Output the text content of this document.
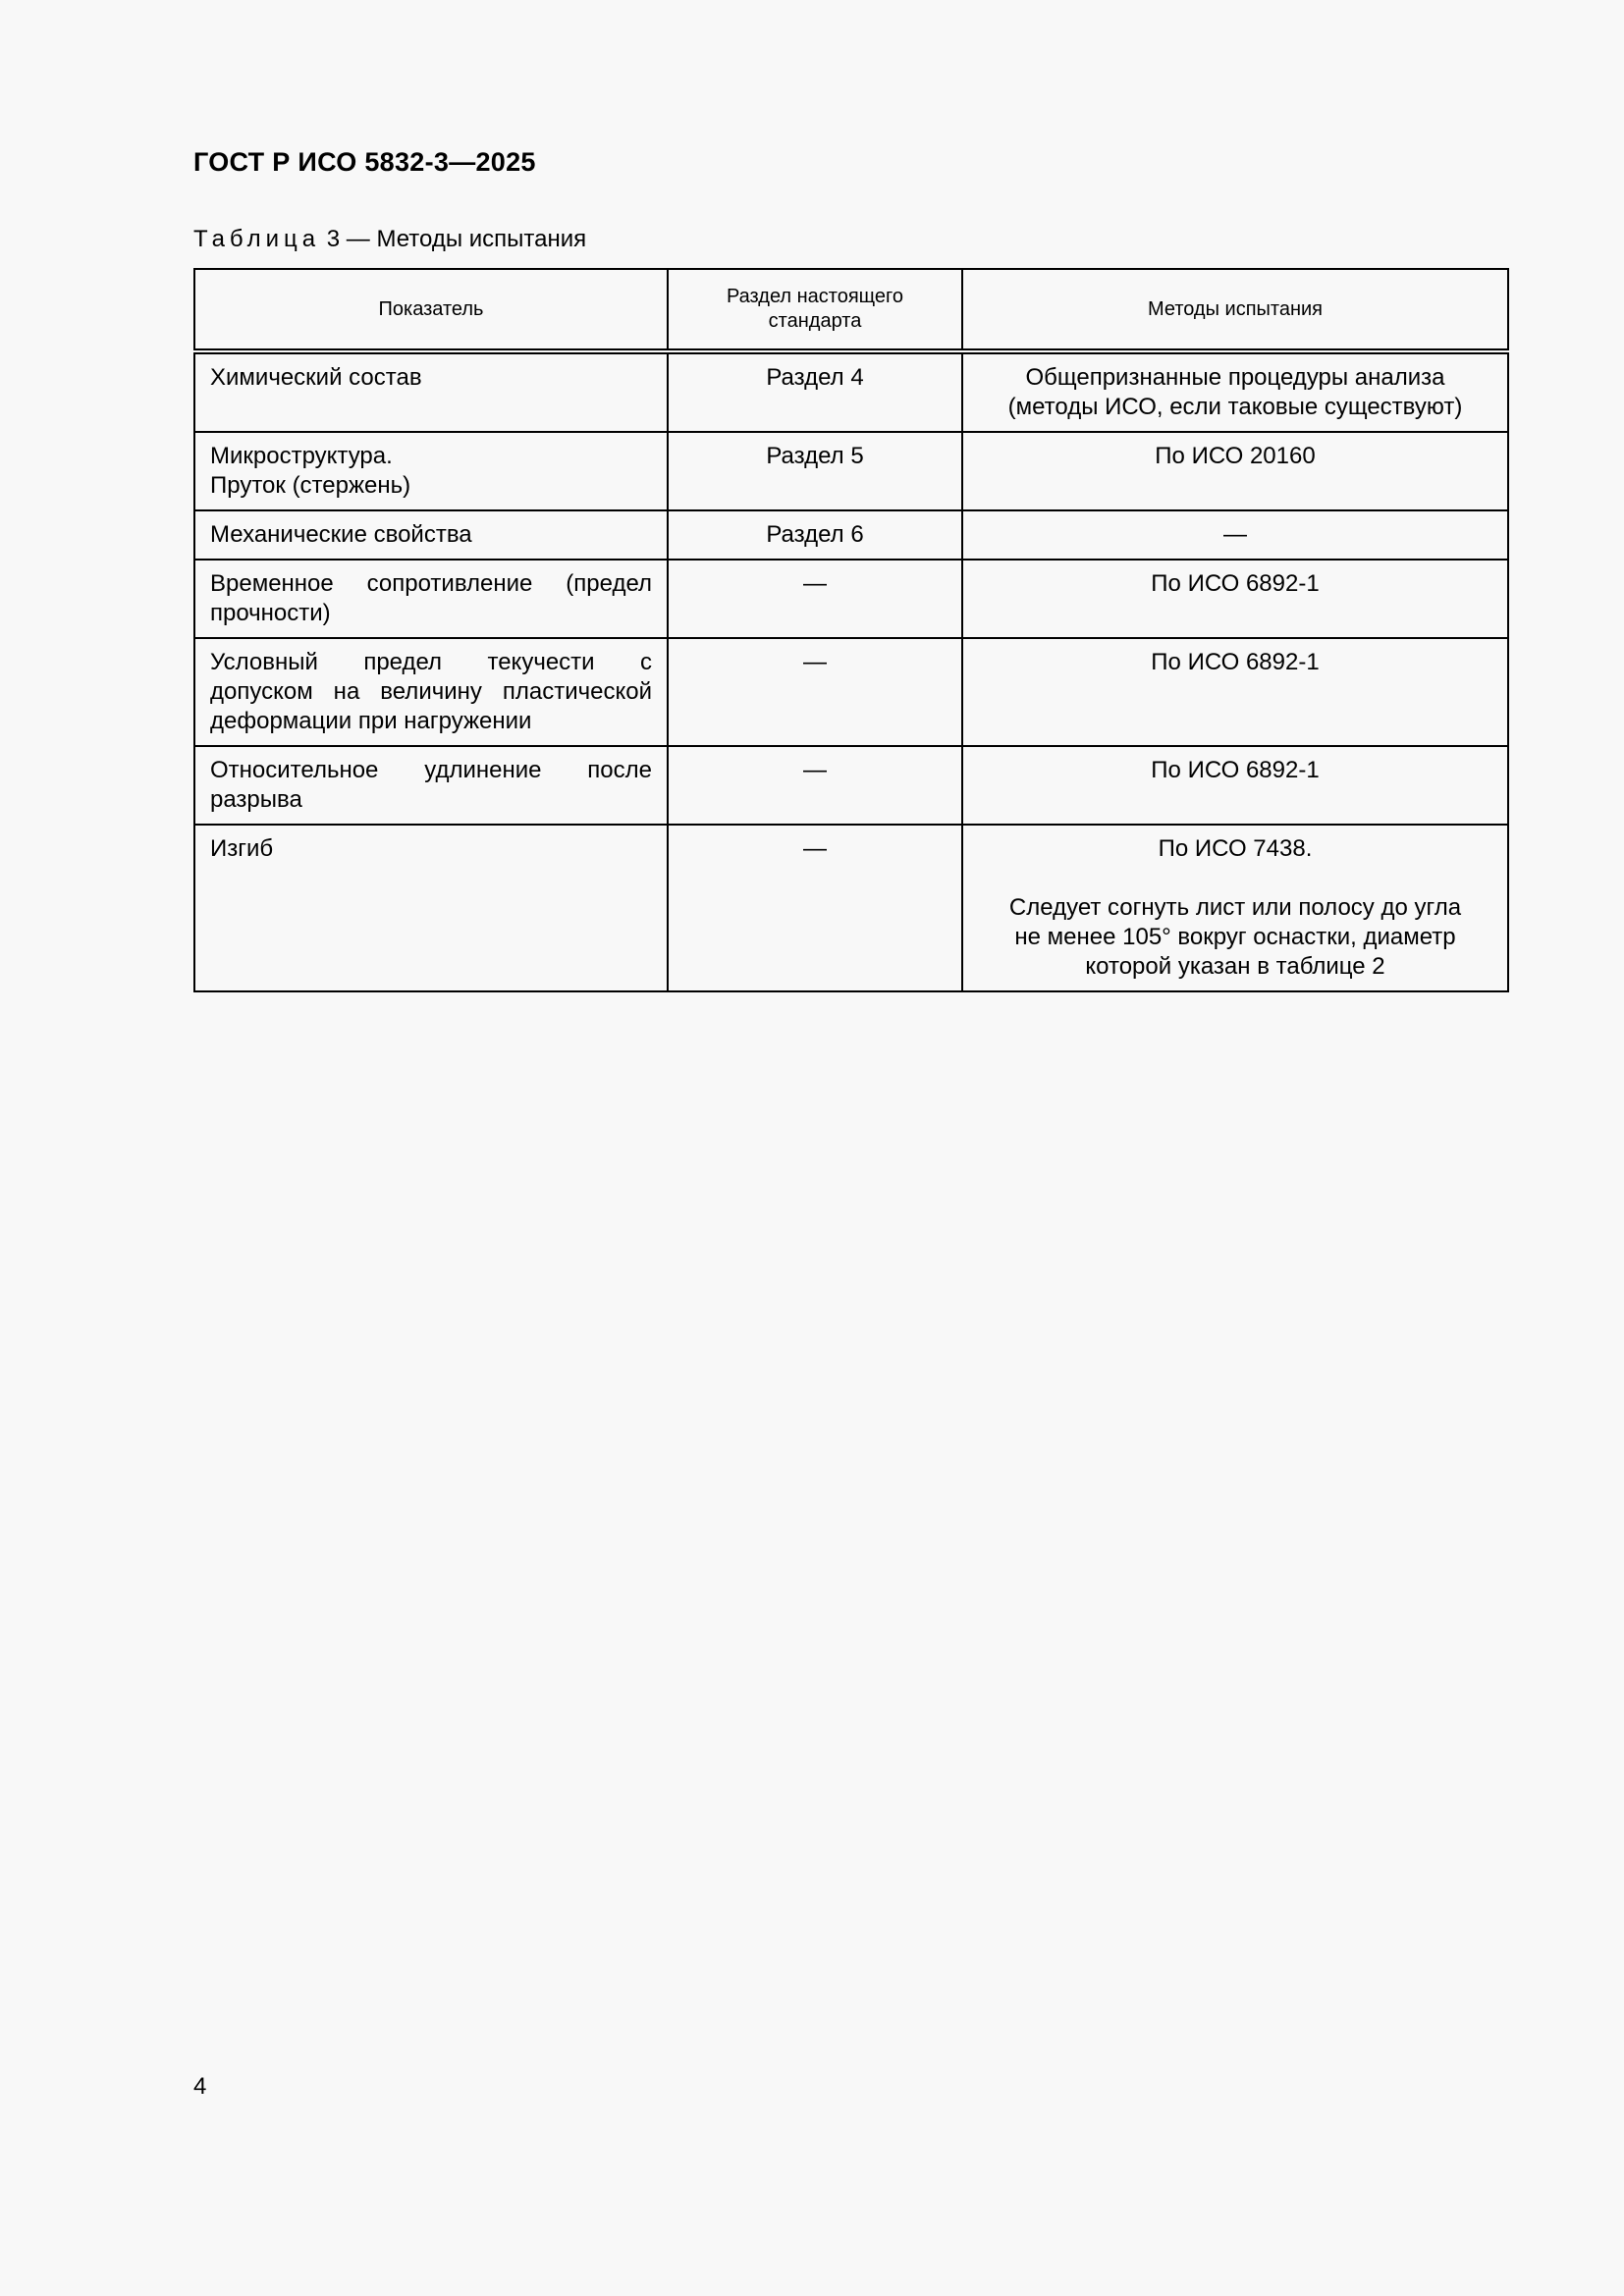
ГОСТ Р ИСО 5832-3—2025
Таблица 3 — Методы испытания
Показатель	Раздел настоящего стандарта	Методы испытания

Химический состав	Раздел 4	Общепризнанные процедуры анализа
(методы ИСО, если таковые существуют)

Микроструктура.
Пруток (стержень)	Раздел 5	По ИСО 20160

Механические свойства	Раздел 6	—

Временное сопротивление (предел
прочности)	—	По ИСО 6892-1

Условный предел текучести с
допуском на величину пластической
деформации при нагружении	—	По ИСО 6892-1

Относительное удлинение после
разрыва	—	По ИСО 6892-1

Изгиб	—	По ИСО 7438.
Следует согнуть лист или полосу до угла
не менее 105° вокруг оснастки, диаметр
которой указан в таблице 2
4
